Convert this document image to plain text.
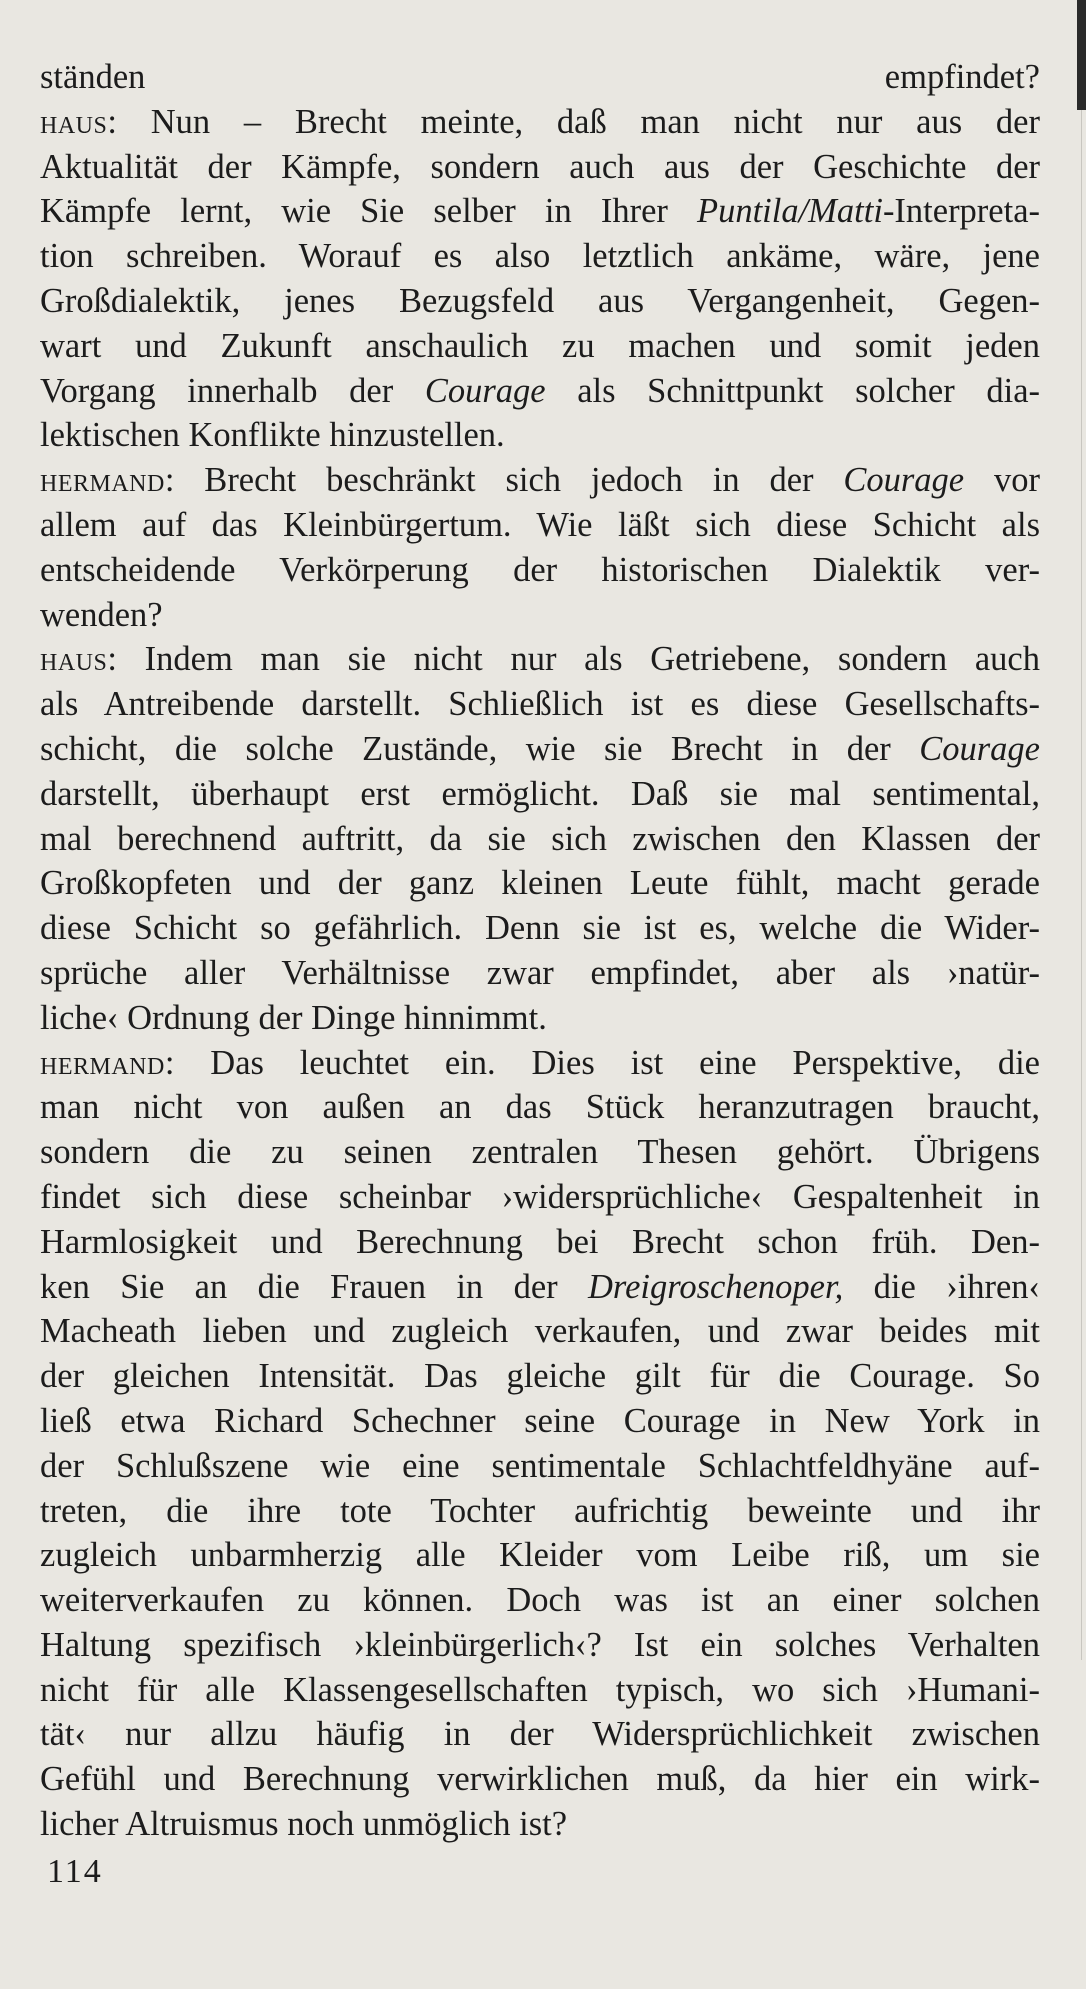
ständen empfindet?
haus: Nun – Brecht meinte, daß man nicht nur aus der
Aktualität der Kämpfe, sondern auch aus der Geschichte der
Kämpfe lernt, wie Sie selber in Ihrer Puntila/Matti-Interpreta-
tion schreiben. Worauf es also letztlich ankäme, wäre, jene
Großdialektik, jenes Bezugsfeld aus Vergangenheit, Gegen-
wart und Zukunft anschaulich zu machen und somit jeden
Vorgang innerhalb der Courage als Schnittpunkt solcher dia-
lektischen Konflikte hinzustellen.
hermand: Brecht beschränkt sich jedoch in der Courage vor
allem auf das Kleinbürgertum. Wie läßt sich diese Schicht als
entscheidende Verkörperung der historischen Dialektik ver-
wenden?
haus: Indem man sie nicht nur als Getriebene, sondern auch
als Antreibende darstellt. Schließlich ist es diese Gesellschafts-
schicht, die solche Zustände, wie sie Brecht in der Courage
darstellt, überhaupt erst ermöglicht. Daß sie mal sentimental,
mal berechnend auftritt, da sie sich zwischen den Klassen der
Großkopfeten und der ganz kleinen Leute fühlt, macht gerade
diese Schicht so gefährlich. Denn sie ist es, welche die Wider-
sprüche aller Verhältnisse zwar empfindet, aber als ›natür-
liche‹ Ordnung der Dinge hinnimmt.
hermand: Das leuchtet ein. Dies ist eine Perspektive, die
man nicht von außen an das Stück heranzutragen braucht,
sondern die zu seinen zentralen Thesen gehört. Übrigens
findet sich diese scheinbar ›widersprüchliche‹ Gespaltenheit in
Harmlosigkeit und Berechnung bei Brecht schon früh. Den-
ken Sie an die Frauen in der Dreigroschenoper, die ›ihren‹
Macheath lieben und zugleich verkaufen, und zwar beides mit
der gleichen Intensität. Das gleiche gilt für die Courage. So
ließ etwa Richard Schechner seine Courage in New York in
der Schlußszene wie eine sentimentale Schlachtfeldhyäne auf-
treten, die ihre tote Tochter aufrichtig beweinte und ihr
zugleich unbarmherzig alle Kleider vom Leibe riß, um sie
weiterverkaufen zu können. Doch was ist an einer solchen
Haltung spezifisch ›kleinbürgerlich‹? Ist ein solches Verhalten
nicht für alle Klassengesellschaften typisch, wo sich ›Humani-
tät‹ nur allzu häufig in der Widersprüchlichkeit zwischen
Gefühl und Berechnung verwirklichen muß, da hier ein wirk-
licher Altruismus noch unmöglich ist?
114
